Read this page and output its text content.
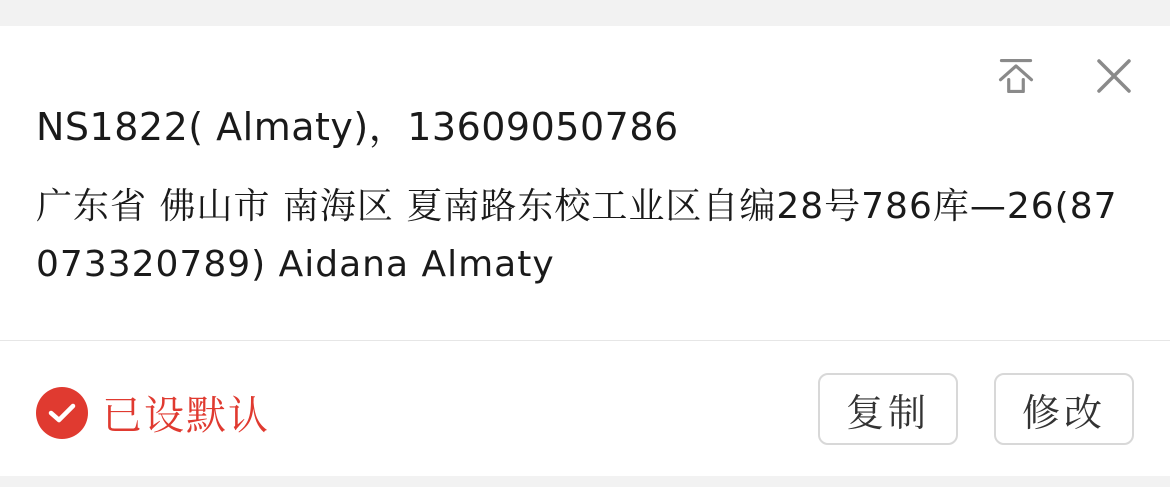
NS1822( Almaty)，13609050786
广东省 佛山市 南海区 夏南路东校工业区自编28号786库—26(87073320789) Aidana Almaty
已设默认	复制	修改
